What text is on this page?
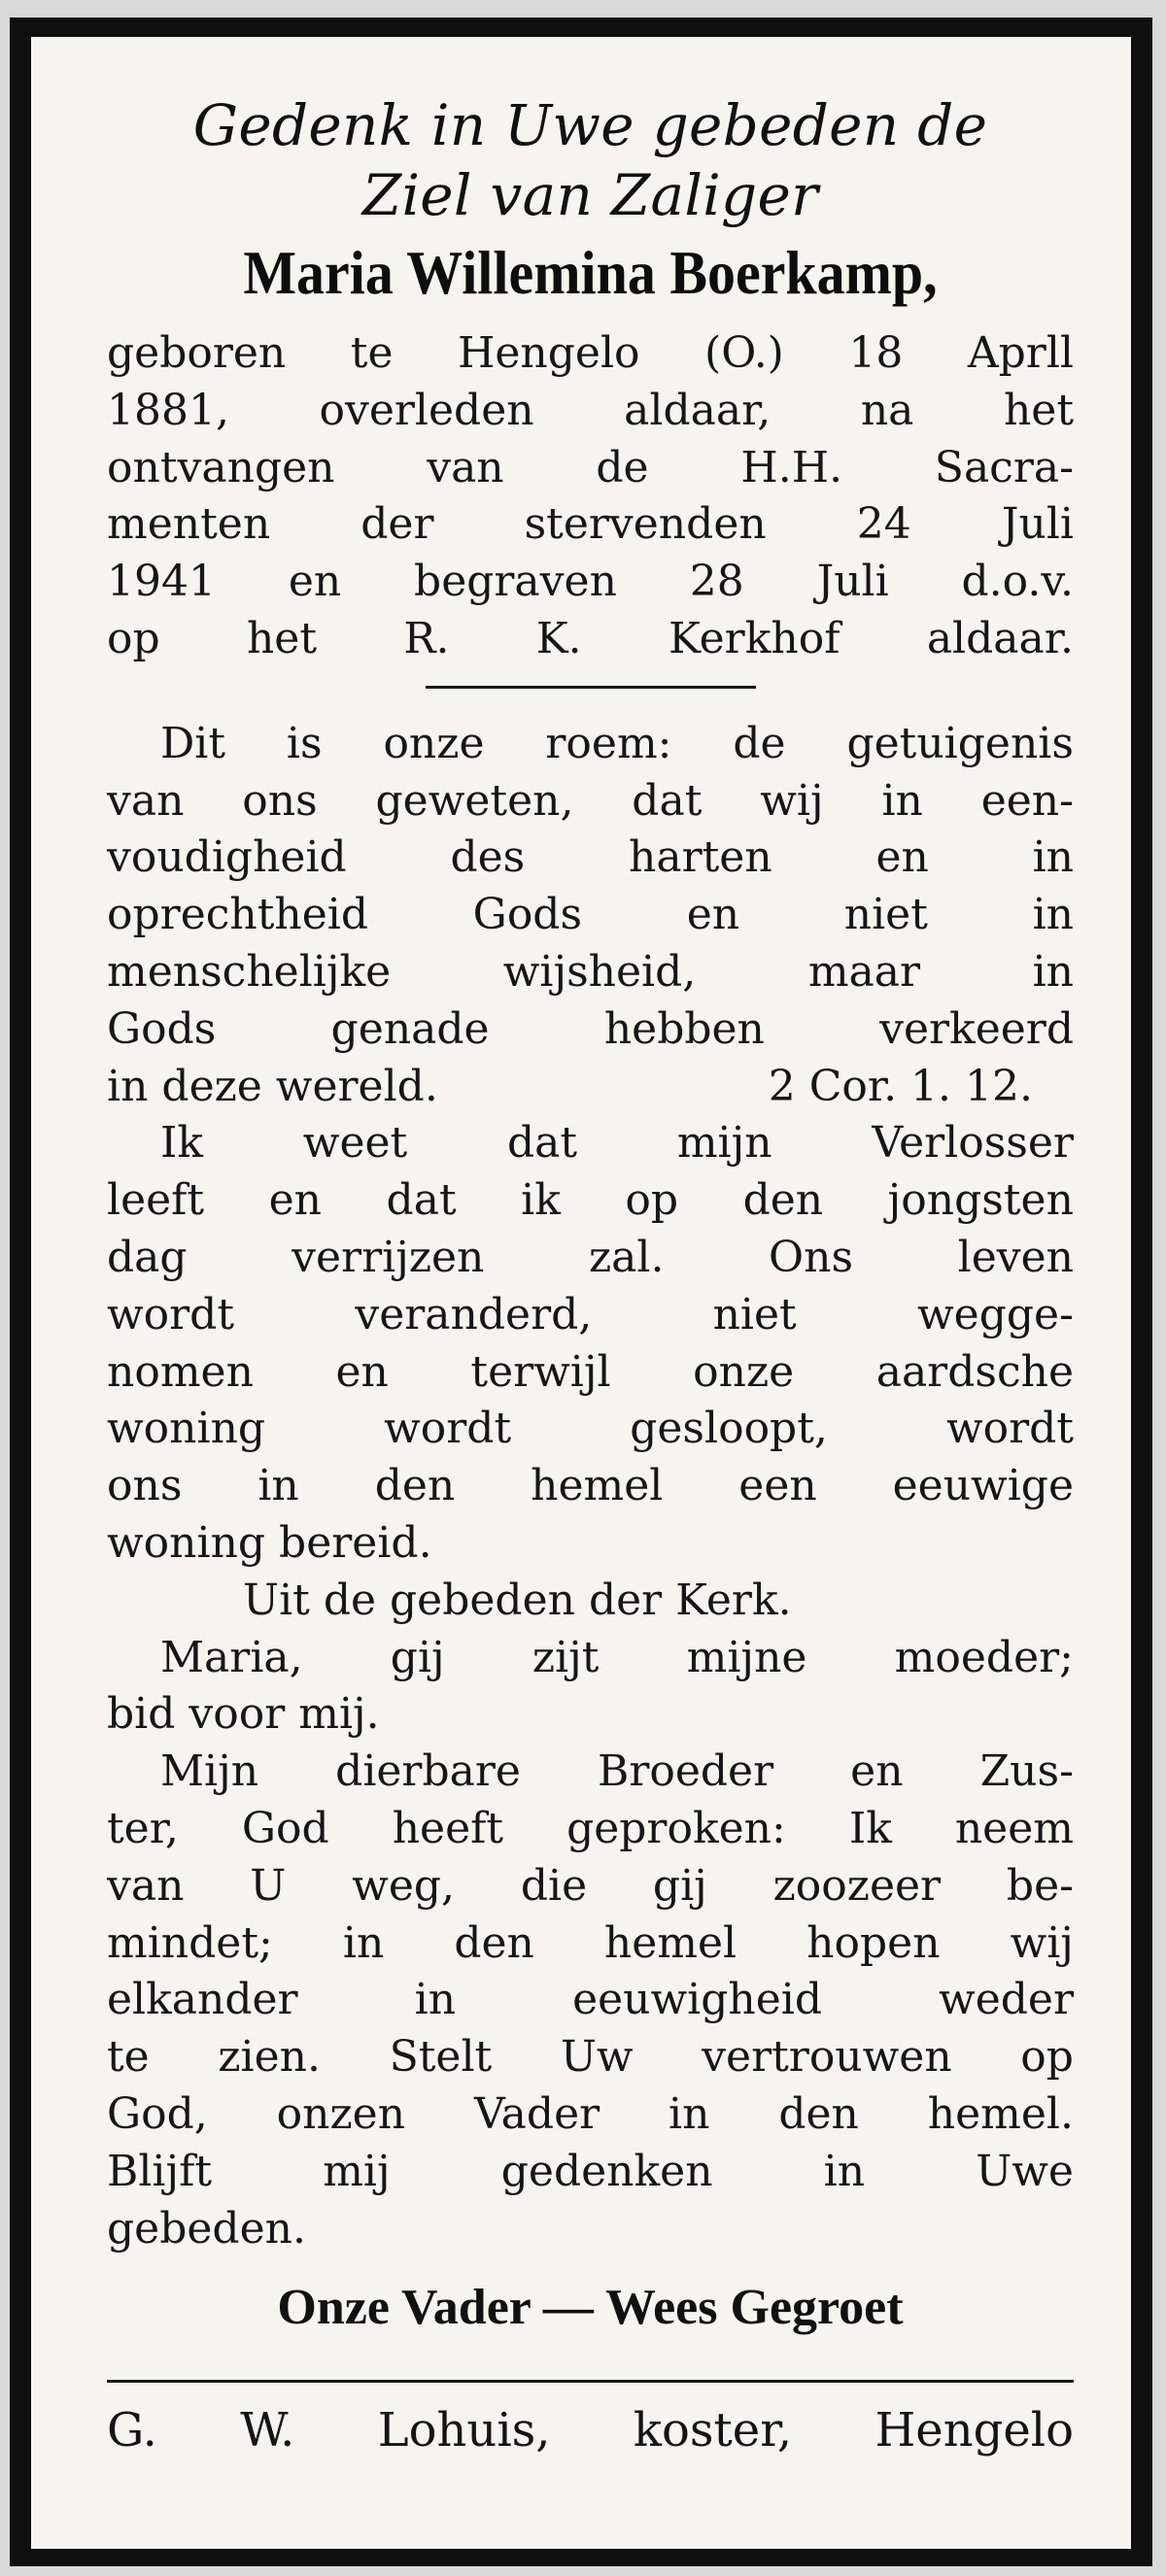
Gedenk in Uwe gebeden de

Ziel van Zaliger

Maria Willemina Boerkamp,
geboren te Hengelo (O.) 18 Aprll
1881, overleden aldaar, na het
ontvangen van de H.H. Sacra-
menten der stervenden 24 Juli
1941 en begraven 28 Juli d.o.v.
op het R. K. Kerkhof aldaar.
Dit is onze roem: de getuigenis
van ons geweten, dat wij in een-
voudigheid des harten en in
oprechtheid Gods en niet in
menschelijke	wijsheid,	maar	in
Gods	genade	hebben	verkeerd
in deze wereld.	2 Cor. 1. 12.
Ik weet dat mijn Verlosser
leeft en dat ik op den jongsten
dag verrijzen zal. Ons leven
wordt	veranderd,	niet	wegge-
nomen en terwijl onze aardsche
woning	wordt	gesloopt,	wordt
ons in den hemel een eeuwige
woning bereid.
Uit de gebeden der Kerk.
Maria, gij zijt mijne moeder;
bid voor mij.
Mijn dierbare Broeder en Zus-
ter, God heeft geproken: Ik neem
van U weg, die gij zoozeer be-
mindet; in den hemel hopen wij
elkander	in	eeuwigheid	weder
te zien. Stelt Uw vertrouwen op
God, onzen Vader in den hemel.
Blijft	mij	gedenken	in	Uwe
gebeden.
Onze Vader — Wees Gegroet
G. W. Lohuis, koster, Hengelo
